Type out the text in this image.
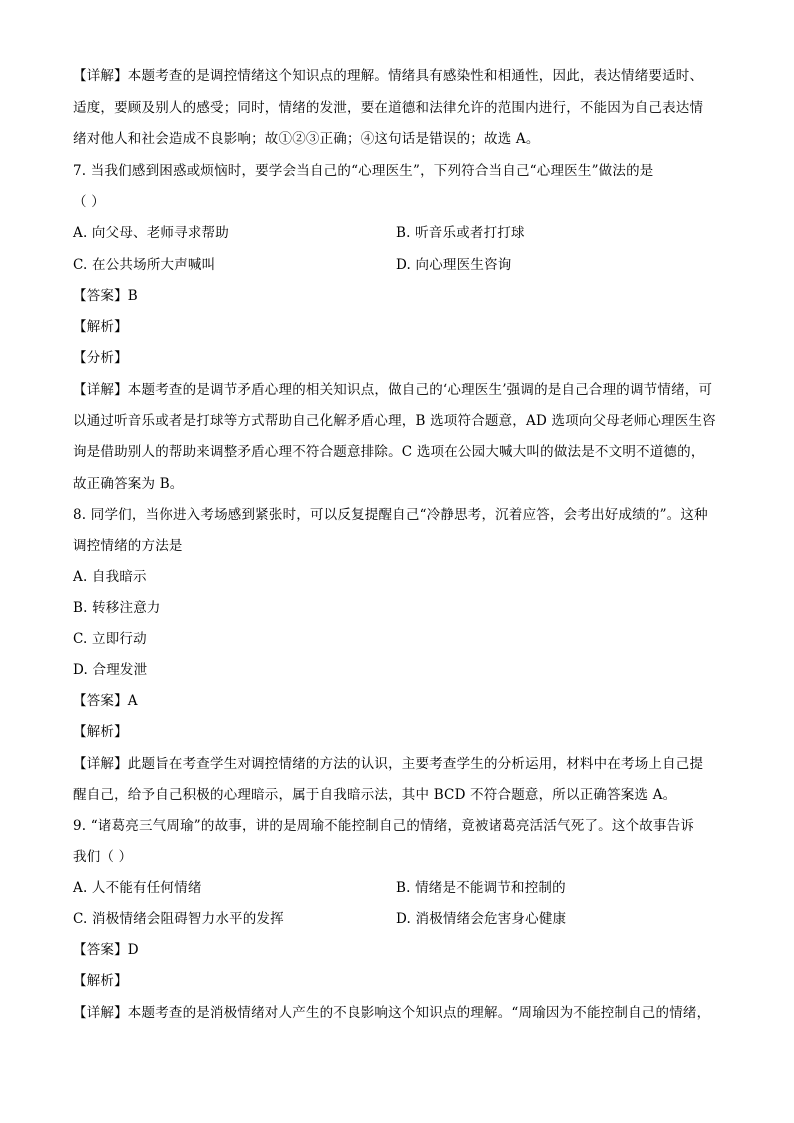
【详解】本题考查的是调控情绪这个知识点的理解。情绪具有感染性和相通性，因此，表达情绪要适时、
适度，要顾及别人的感受；同时，情绪的发泄，要在道德和法律允许的范围内进行，不能因为自己表达情
绪对他人和社会造成不良影响；故①②③正确；④这句话是错误的；故选 A。
7. 当我们感到困惑或烦恼时，要学会当自己的“心理医生”，下列符合当自己“心理医生”做法的是
（ ）
A. 向父母、老师寻求帮助	B. 听音乐或者打打球
C. 在公共场所大声喊叫	D. 向心理医生咨询
【答案】B
【解析】
【分析】
【详解】本题考查的是调节矛盾心理的相关知识点，做自己的‘心理医生’强调的是自己合理的调节情绪，可
以通过听音乐或者是打球等方式帮助自己化解矛盾心理，B 选项符合题意，AD 选项向父母老师心理医生咨
询是借助别人的帮助来调整矛盾心理不符合题意排除。C 选项在公园大喊大叫的做法是不文明不道德的，
故正确答案为 B。
8. 同学们，当你进入考场感到紧张时，可以反复提醒自己“冷静思考，沉着应答，会考出好成绩的”。这种
调控情绪的方法是
A. 自我暗示
B. 转移注意力
C. 立即行动
D. 合理发泄
【答案】A
【解析】
【详解】此题旨在考查学生对调控情绪的方法的认识，主要考查学生的分析运用，材料中在考场上自己提
醒自己，给予自己积极的心理暗示，属于自我暗示法，其中 BCD 不符合题意，所以正确答案选 A。
9. “诸葛亮三气周瑜”的故事，讲的是周瑜不能控制自己的情绪，竟被诸葛亮活活气死了。这个故事告诉
我们（ ）
A. 人不能有任何情绪	B. 情绪是不能调节和控制的
C. 消极情绪会阻碍智力水平的发挥	D. 消极情绪会危害身心健康
【答案】D
【解析】
【详解】本题考查的是消极情绪对人产生的不良影响这个知识点的理解。“周瑜因为不能控制自己的情绪，
